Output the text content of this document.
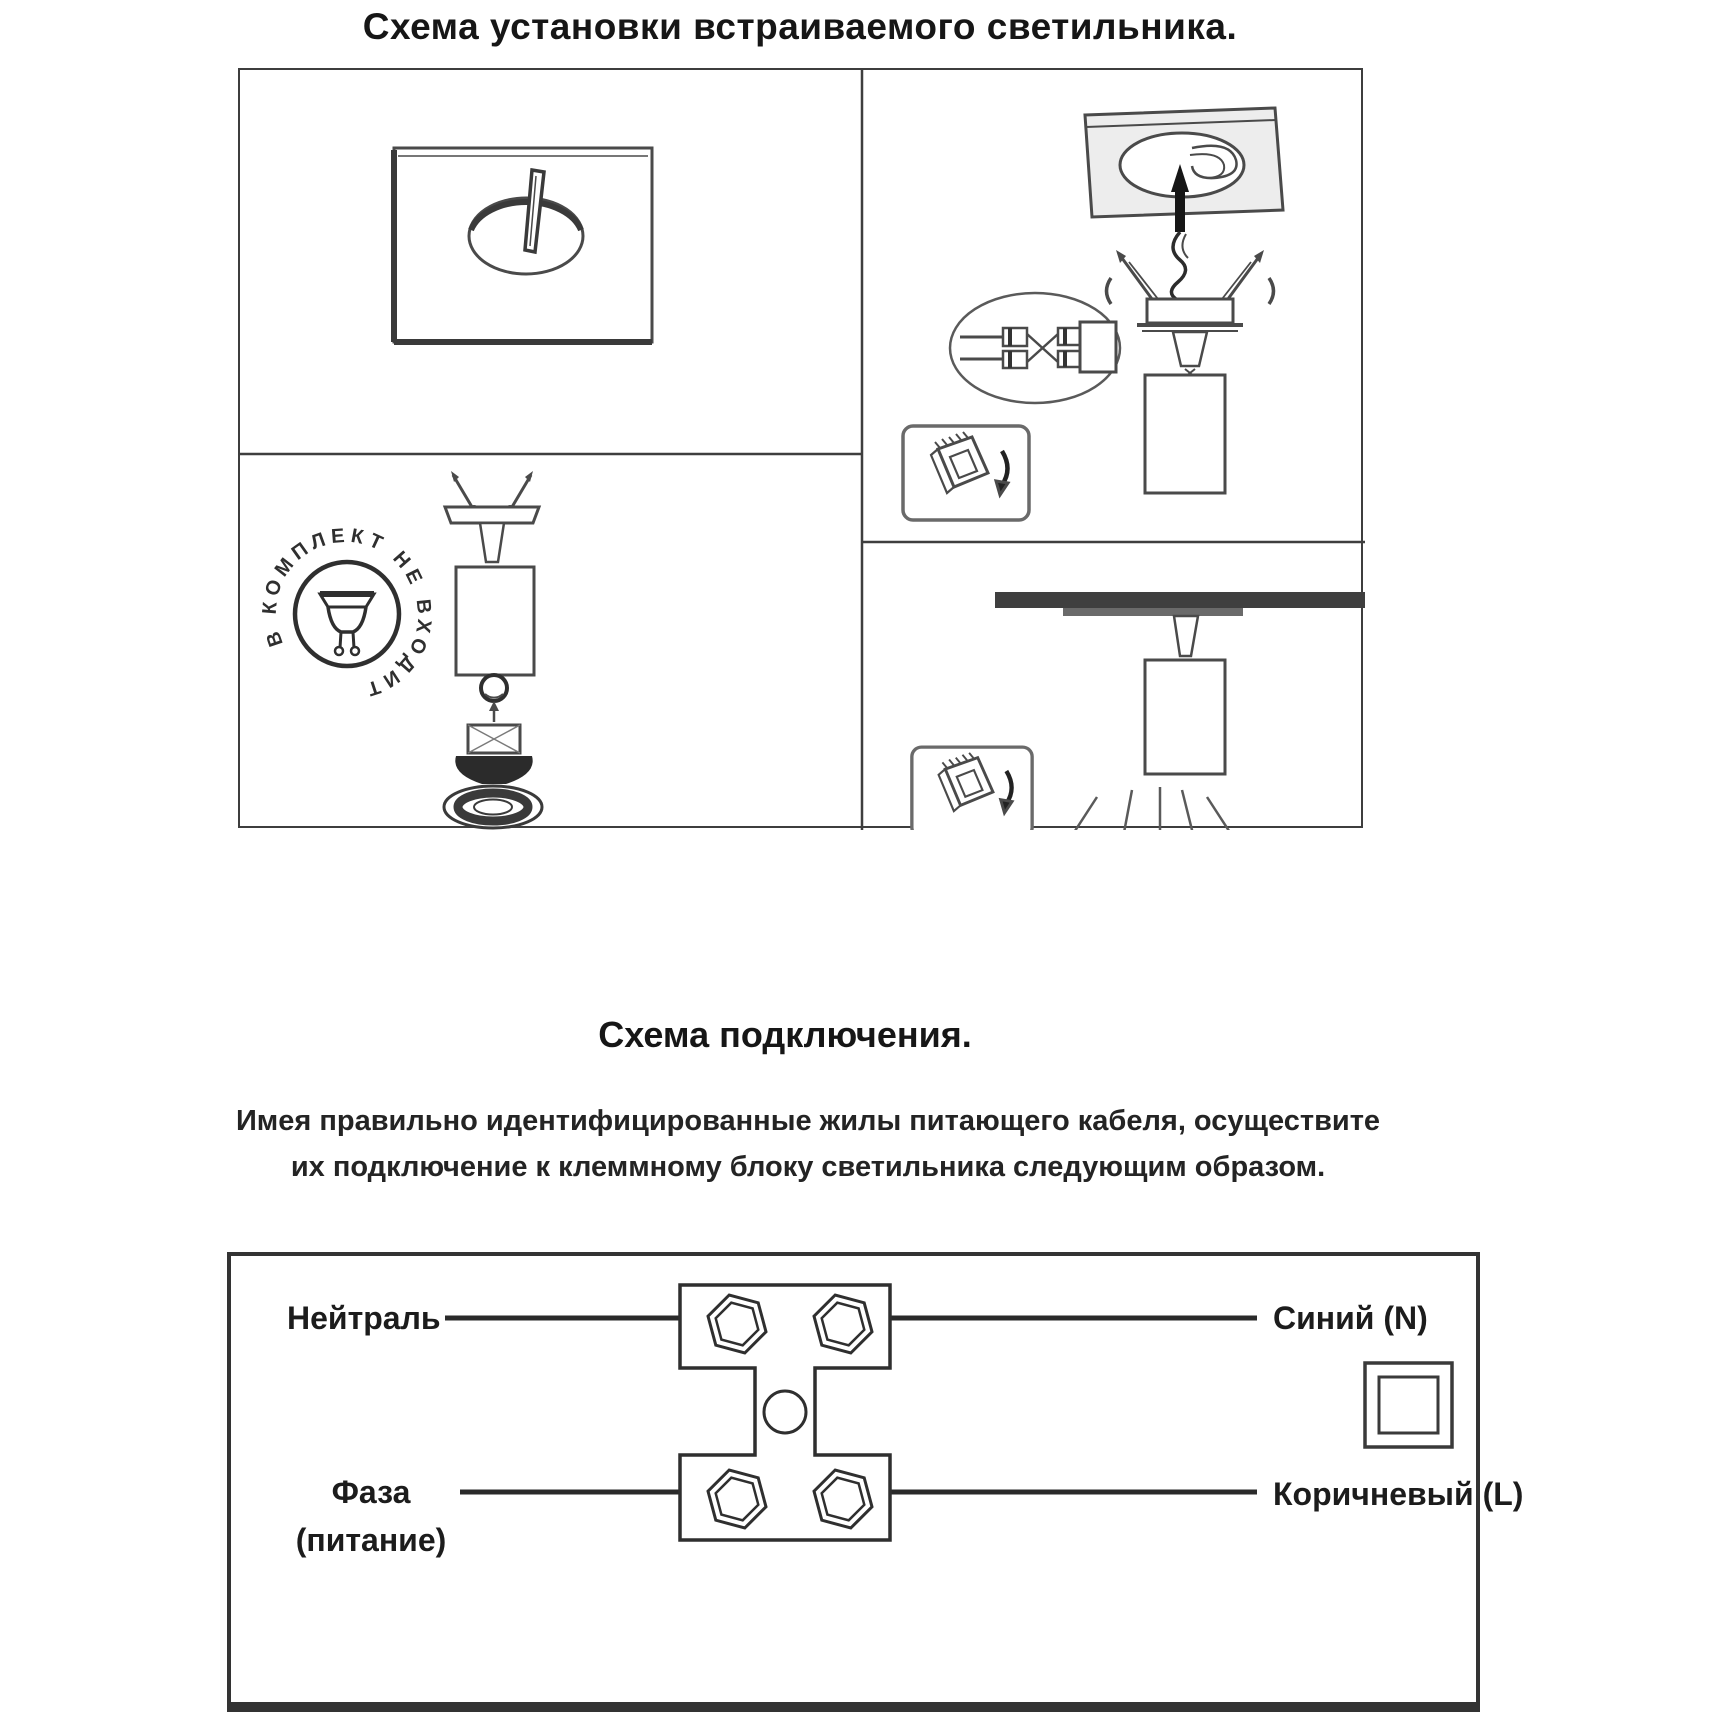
Схема установки встраиваемого светильника.
В КОМПЛЕКТ НЕ ВХОДИТ
Схема подключения.

Имея правильно идентифицированные жилы питающего кабеля, осуществите
их подключение к клеммному блоку светильника следующим образом.

Нейтраль	Синий (N)
Фаза
(питание)
Коричневый (L)
